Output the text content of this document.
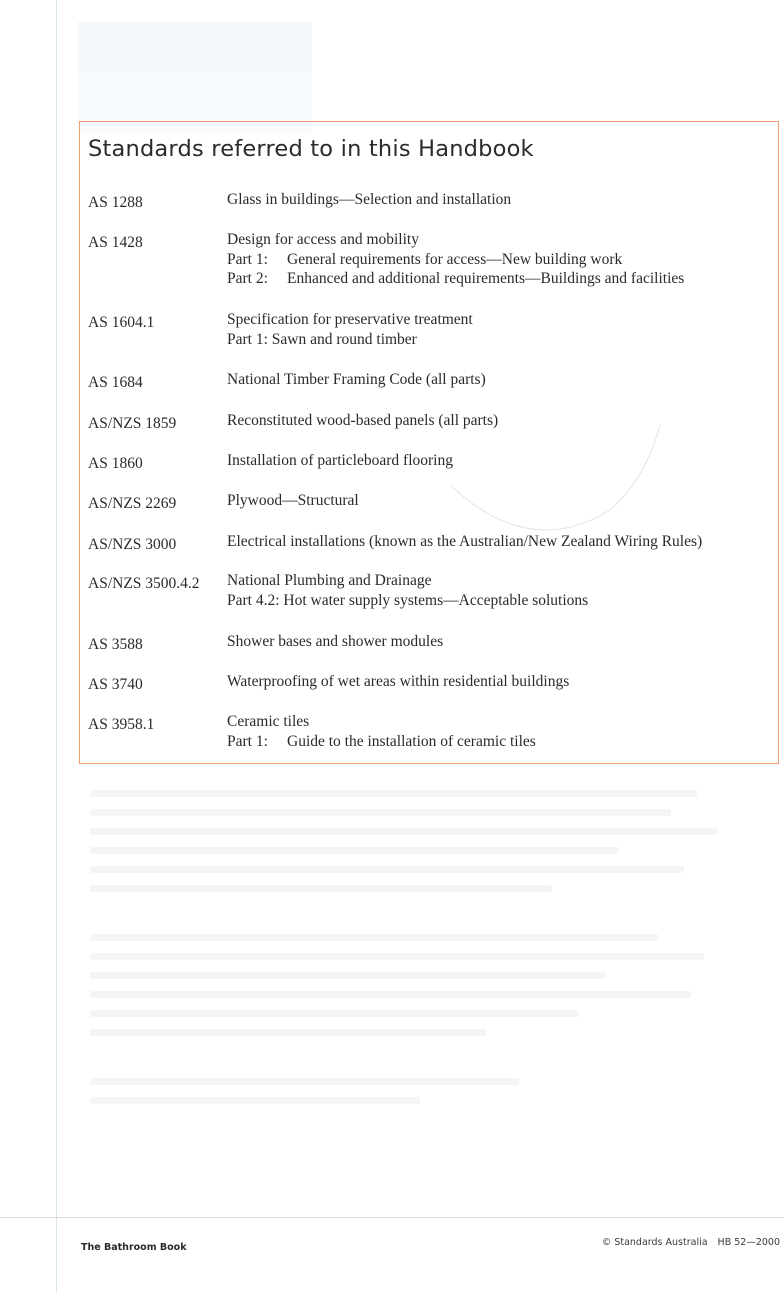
Standards referred to in this Handbook
AS 1288	Glass in buildings—Selection and installation
AS 1428	Design for access and mobility
Part 1: General requirements for access—New building work
Part 2: Enhanced and additional requirements—Buildings and facilities
AS 1604.1	Specification for preservative treatment
Part 1: Sawn and round timber
AS 1684	National Timber Framing Code (all parts)
AS/NZS 1859	Reconstituted wood-based panels (all parts)
AS 1860	Installation of particleboard flooring
AS/NZS 2269	Plywood—Structural
AS/NZS 3000	Electrical installations (known as the Australian/New Zealand Wiring Rules)
AS/NZS 3500.4.2 National Plumbing and Drainage
Part 4.2: Hot water supply systems—Acceptable solutions
AS 3588	Shower bases and shower modules
AS 3740	Waterproofing of wet areas within residential buildings
AS 3958.1	Ceramic tiles
Part 1: Guide to the installation of ceramic tiles
The Bathroom Book	© Standards Australia HB 52—2000
